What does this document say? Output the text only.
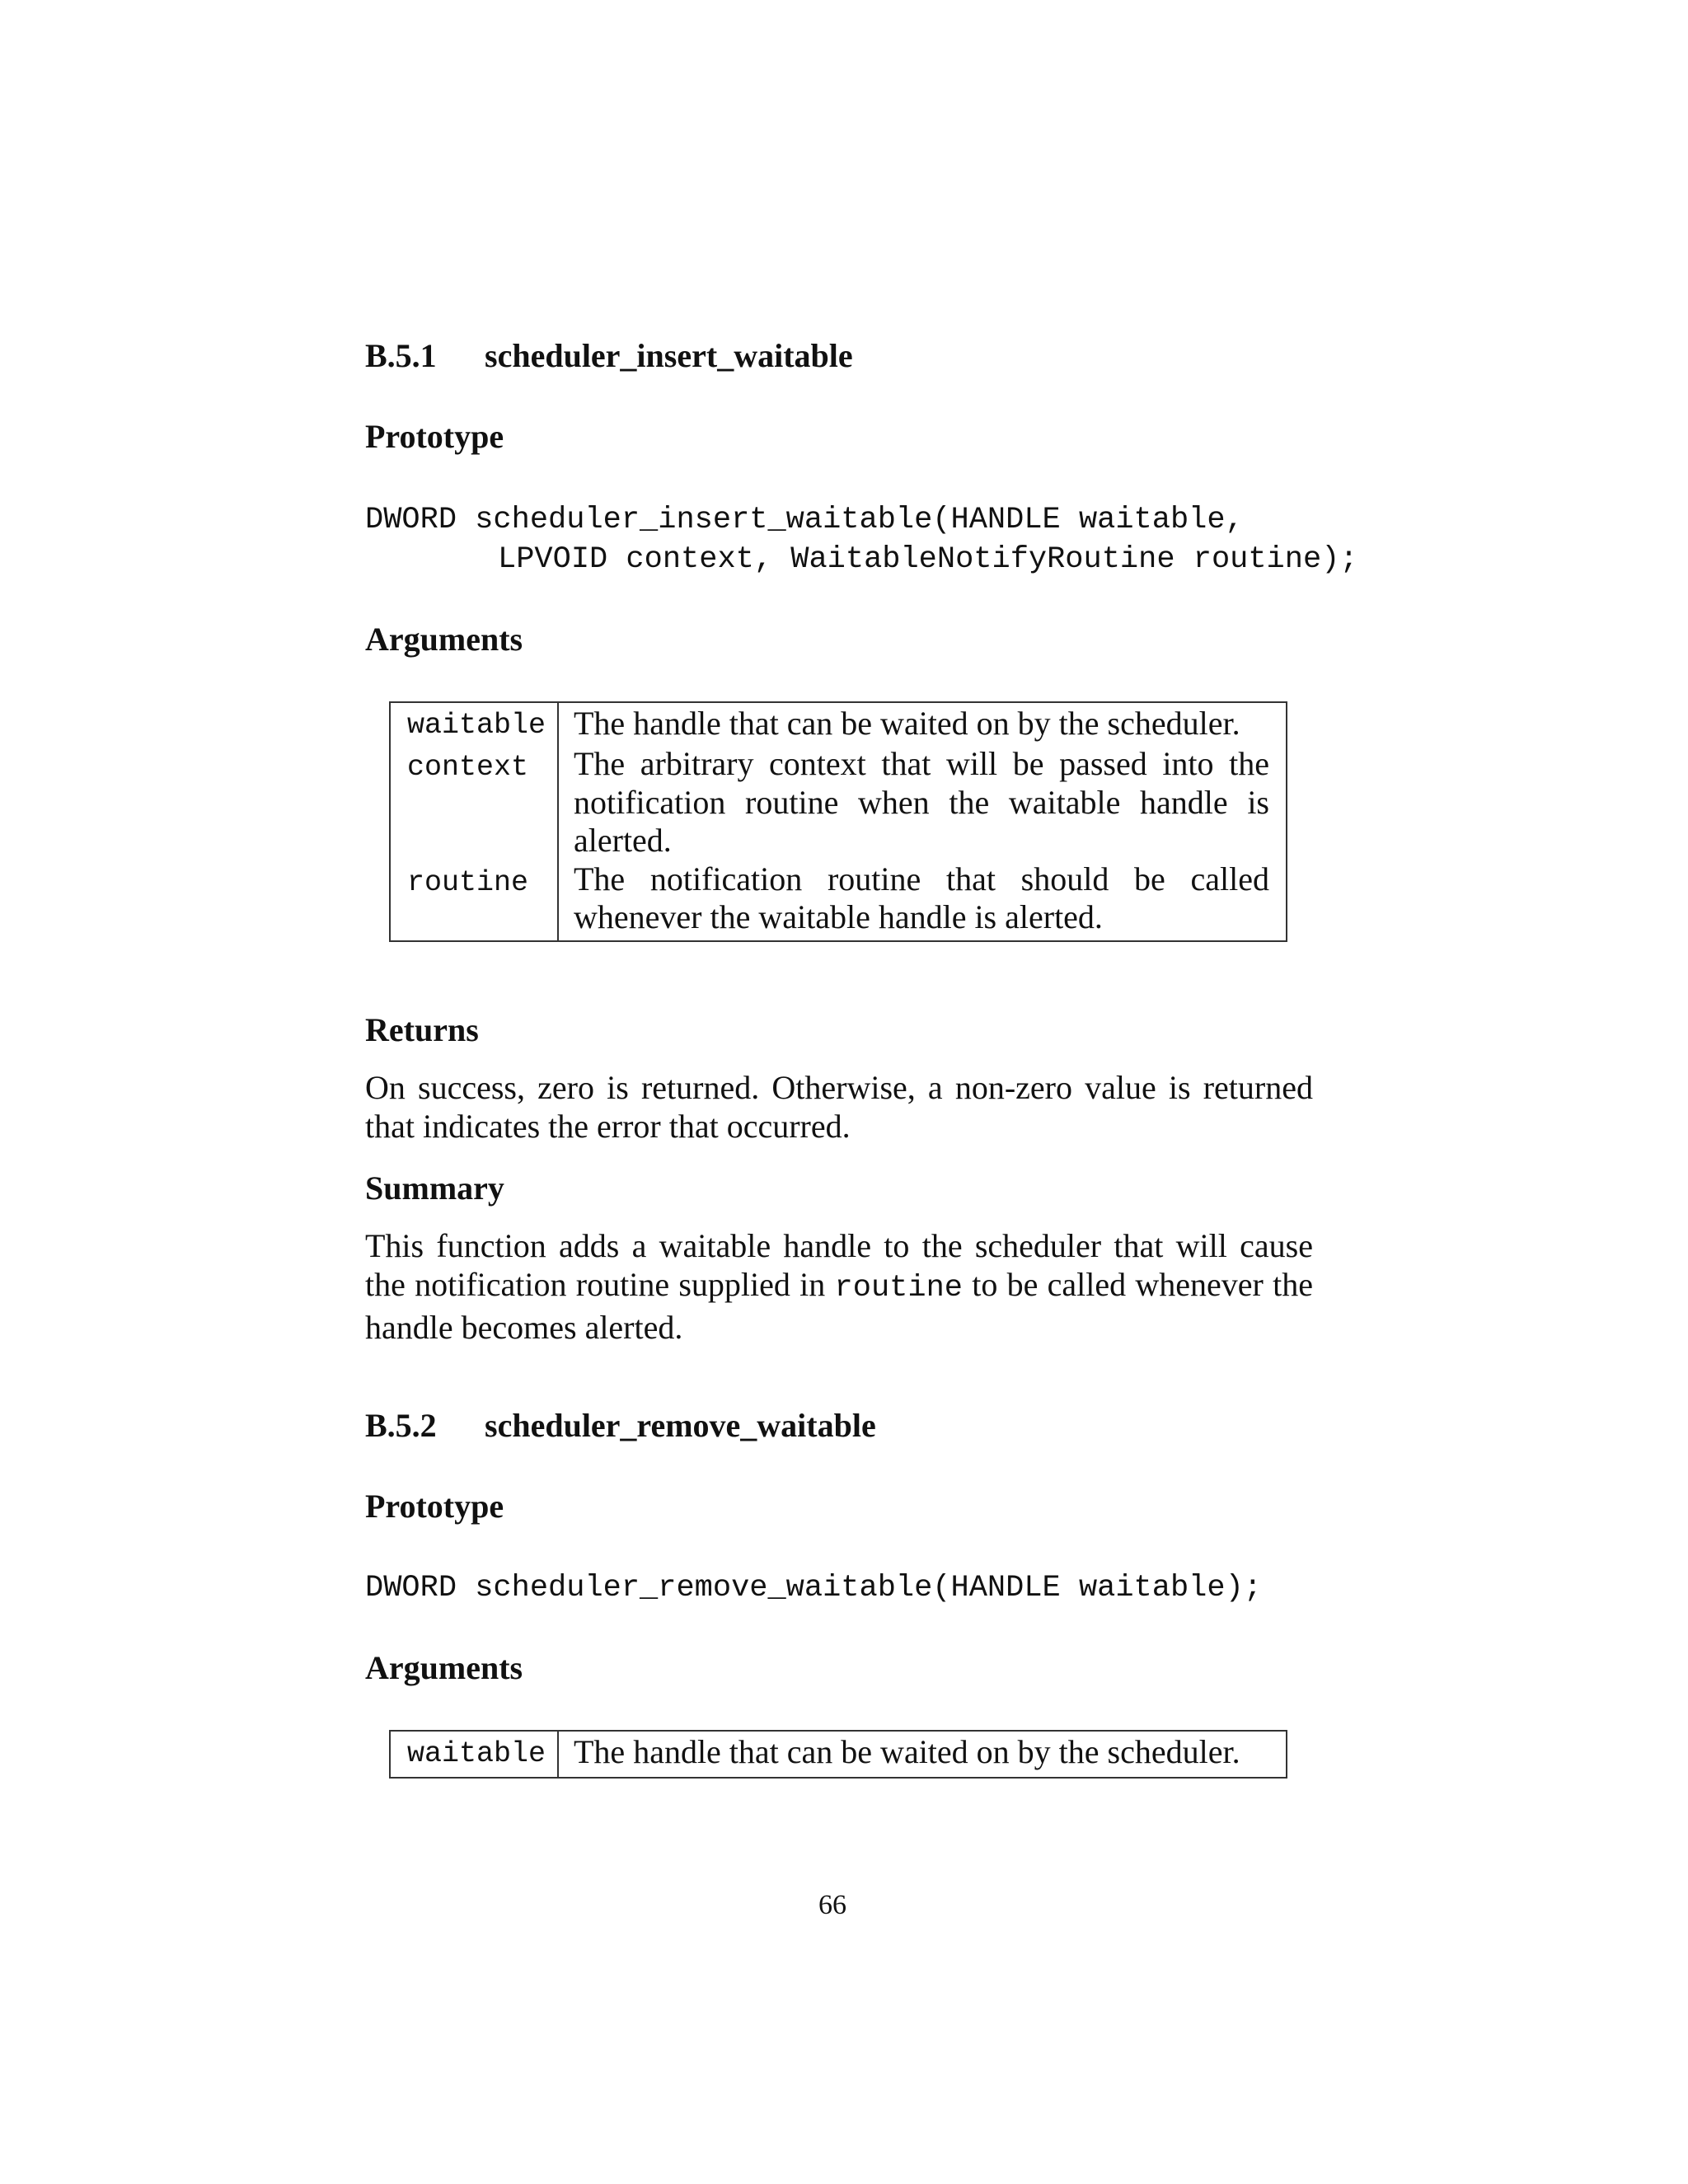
B.5.1 scheduler_insert_waitable
Prototype
DWORD scheduler_insert_waitable(HANDLE waitable,
LPVOID context, WaitableNotifyRoutine routine);
Arguments
waitable	The handle that can be waited on by the scheduler.
context	The arbitrary context that will be passed into the notification routine when the waitable handle is alerted.
routine	The notification routine that should be called whenever the waitable handle is alerted.
Returns
On success, zero is returned. Otherwise, a non-zero value is returned that indicates the error that occurred.
Summary
This function adds a waitable handle to the scheduler that will cause the notification routine supplied in routine to be called whenever the handle becomes alerted.
B.5.2 scheduler_remove_waitable
Prototype
DWORD scheduler_remove_waitable(HANDLE waitable);
Arguments
waitable	The handle that can be waited on by the scheduler.
66
